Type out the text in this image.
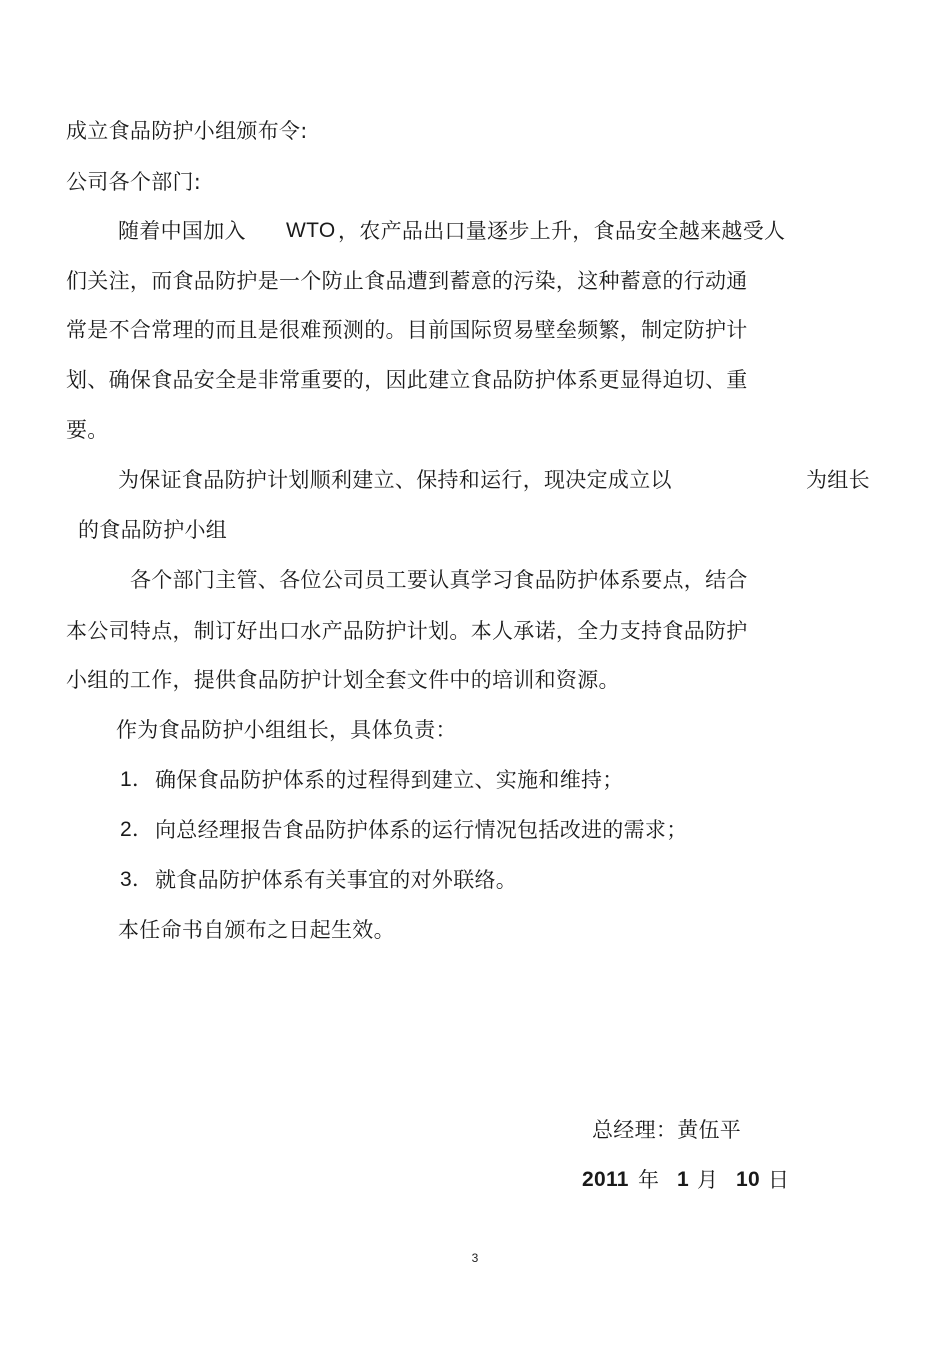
成立食品防护小组颁布令:
公司各个部门:
随着中国加入 WTO ，农产品出口量逐步上升，食品安全越来越受人
们关注，而食品防护是一个防止食品遭到蓄意的污染，这种蓄意的行动通
常是不合常理的而且是很难预测的。目前国际贸易壁垒频繁，制定防护计
划、确保食品安全是非常重要的，因此建立食品防护体系更显得迫切、重
要。
为保证食品防护计划顺利建立、保持和运行，现决定成立以	为组长
的食品防护小组
各个部门主管、各位公司员工要认真学习食品防护体系要点，结合
本公司特点，制订好出口水产品防护计划。本人承诺，全力支持食品防护
小组的工作，提供食品防护计划全套文件中的培训和资源。
作为食品防护小组组长，具体负责：
1． 确保食品防护体系的过程得到建立、实施和维持；
2． 向总经理报告食品防护体系的运行情况包括改进的需求；
3． 就食品防护体系有关事宜的对外联络。
本任命书自颁布之日起生效。
总经理：黄伍平
2011 年 1 月 10 日
3
